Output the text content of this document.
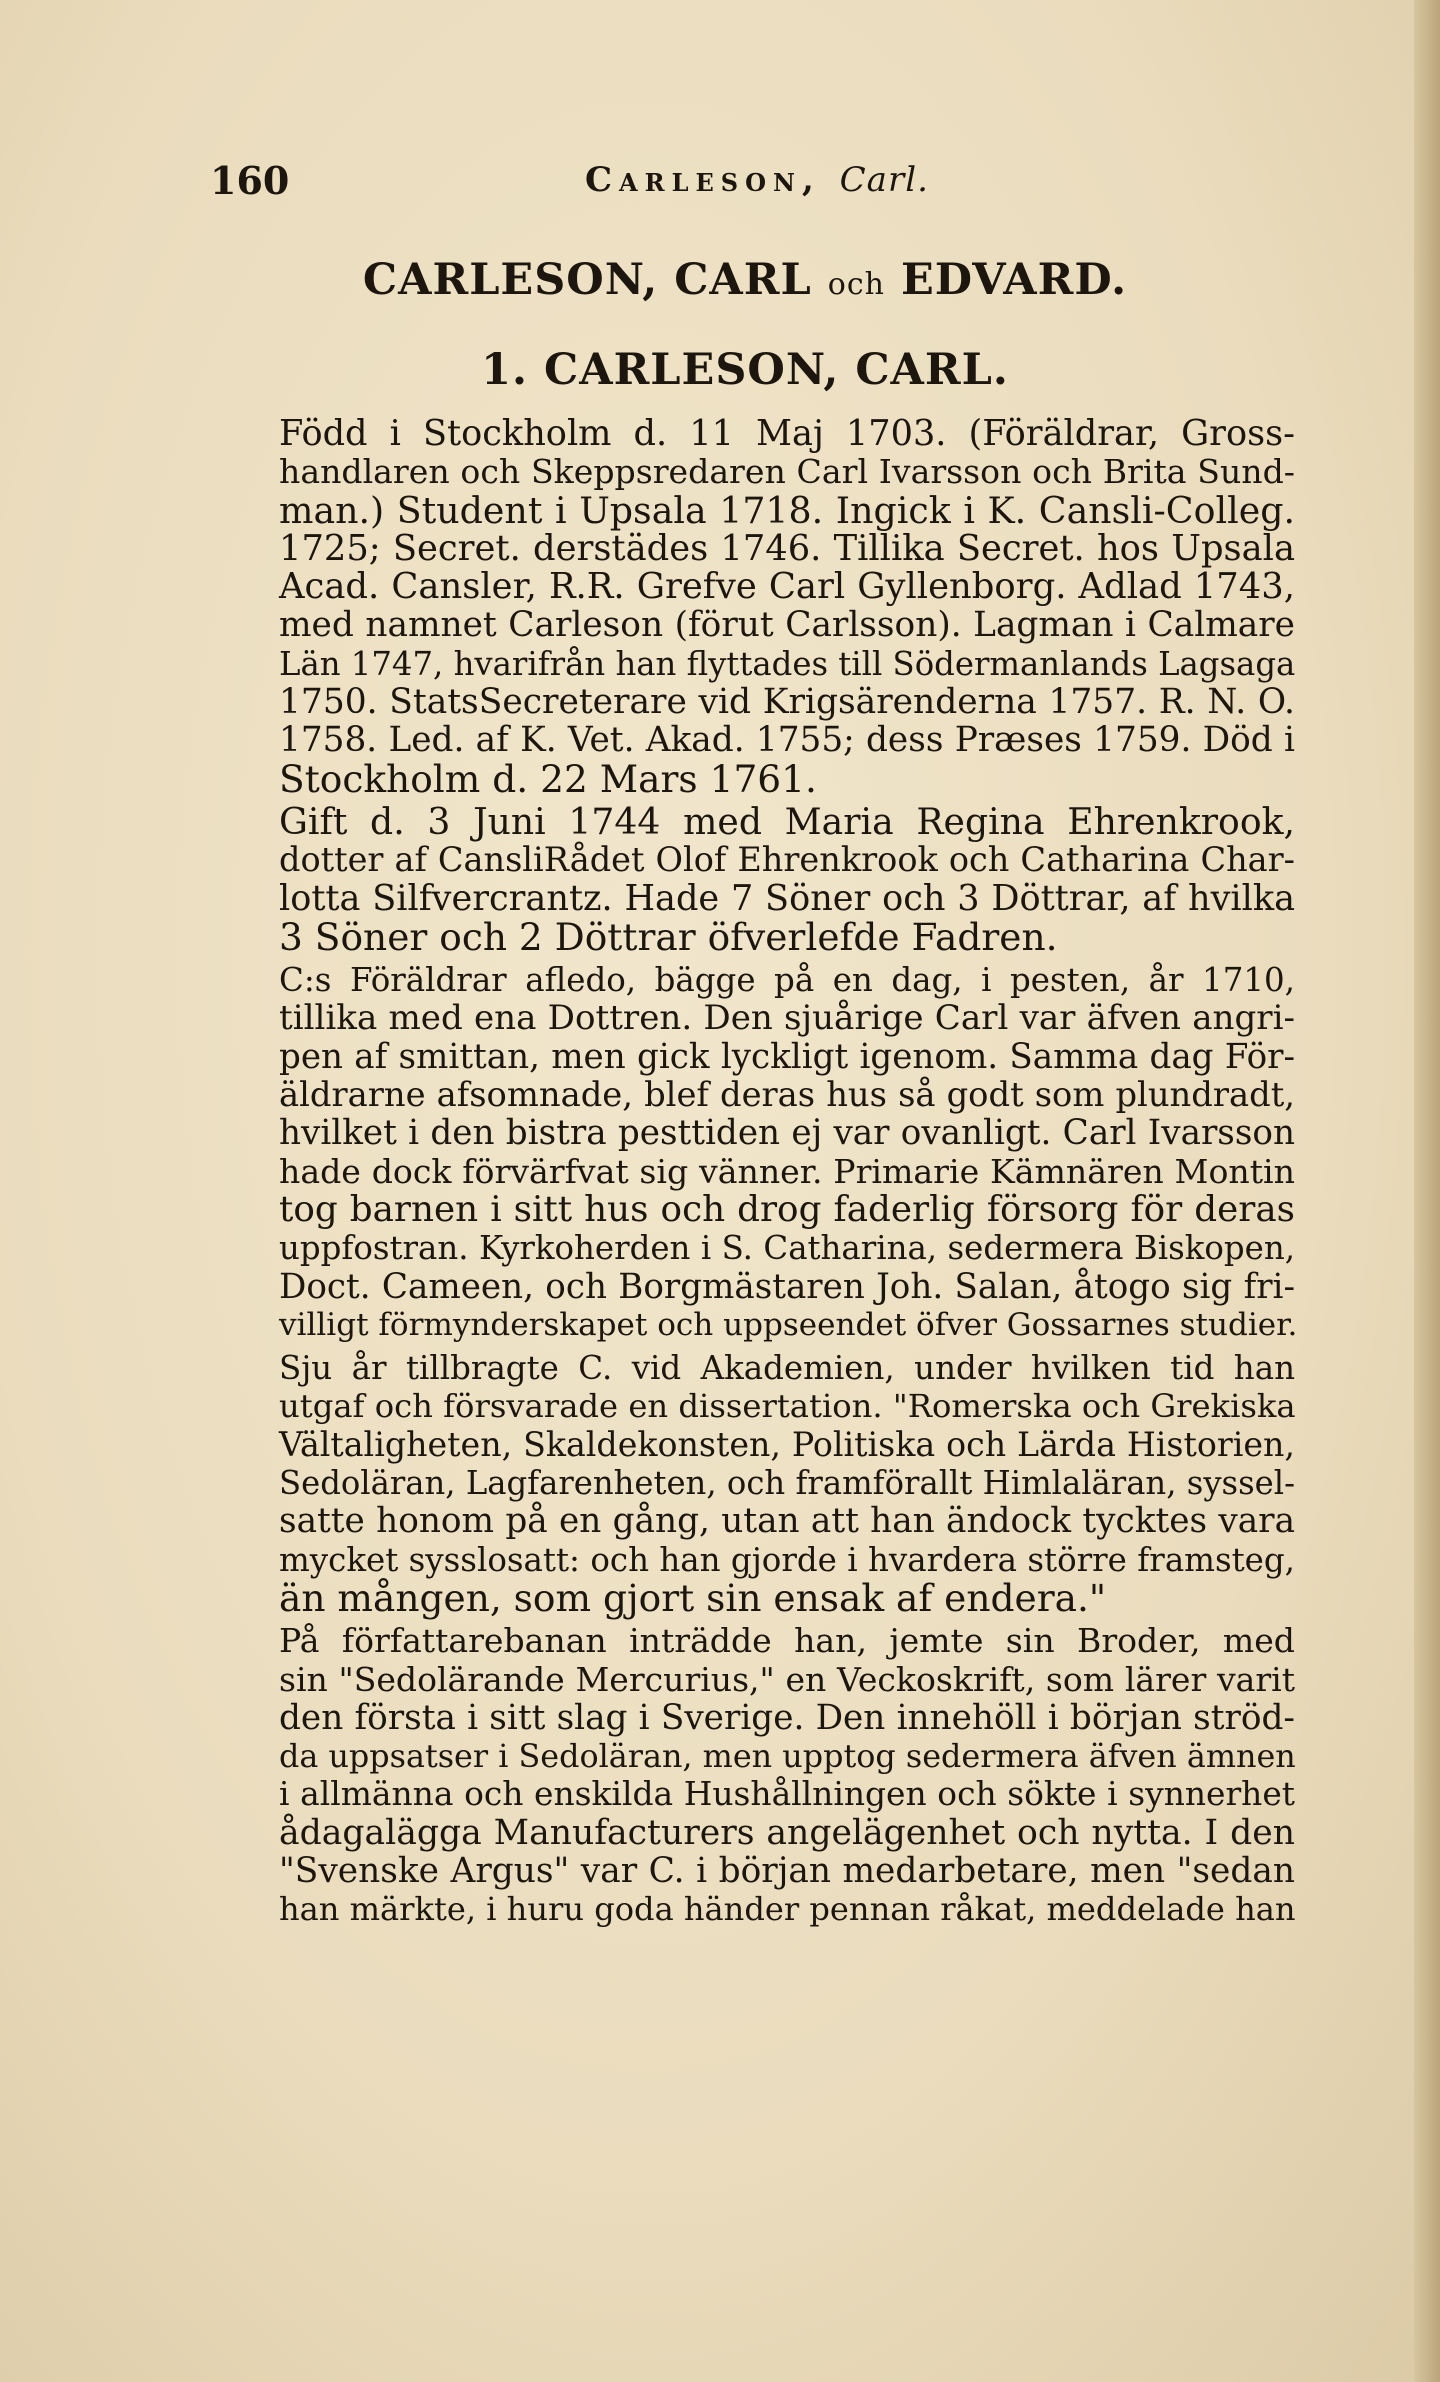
160	Carleson, Carl.
CARLESON, CARL och EDVARD.
1. CARLESON, CARL.

Född i Stockholm d. 11 Maj 1703. (Föräldrar, Gross-
handlaren och Skeppsredaren Carl Ivarsson och Brita Sund-
man.) Student i Upsala 1718. Ingick i K. Cansli-Colleg.
1725; Secret. derstädes 1746. Tillika Secret. hos Upsala
Acad. Cansler, R.R. Grefve Carl Gyllenborg. Adlad 1743,
med namnet Carleson (förut Carlsson). Lagman i Calmare
Län 1747, hvarifrån han flyttades till Södermanlands Lagsaga
1750. StatsSecreterare vid Krigsärenderna 1757. R. N. O.
1758. Led. af K. Vet. Akad. 1755; dess Præses 1759. Död i
Stockholm d. 22 Mars 1761.

Gift d. 3 Juni 1744 med Maria Regina Ehrenkrook,
dotter af CansliRådet Olof Ehrenkrook och Catharina Char-
lotta Silfvercrantz. Hade 7 Söner och 3 Döttrar, af hvilka
3 Söner och 2 Döttrar öfverlefde Fadren.

C:s Föräldrar afledo, bägge på en dag, i pesten, år 1710,
tillika med ena Dottren. Den sjuårige Carl var äfven angri-
pen af smittan, men gick lyckligt igenom. Samma dag För-
äldrarne afsomnade, blef deras hus så godt som plundradt,
hvilket i den bistra pesttiden ej var ovanligt. Carl Ivarsson
hade dock förvärfvat sig vänner. Primarie Kämnären Montin
tog barnen i sitt hus och drog faderlig försorg för deras
uppfostran. Kyrkoherden i S. Catharina, sedermera Biskopen,
Doct. Cameen, och Borgmästaren Joh. Salan, åtogo sig fri-
villigt förmynderskapet och uppseendet öfver Gossarnes studier.

Sju år tillbragte C. vid Akademien, under hvilken tid han
utgaf och försvarade en dissertation. "Romerska och Grekiska
Vältaligheten, Skaldekonsten, Politiska och Lärda Historien,
Sedoläran, Lagfarenheten, och framförallt Himlaläran, syssel-
satte honom på en gång, utan att han ändock tycktes vara
mycket sysslosatt: och han gjorde i hvardera större framsteg,
än mången, som gjort sin ensak af endera."

På författarebanan inträdde han, jemte sin Broder, med
sin "Sedolärande Mercurius," en Veckoskrift, som lärer varit
den första i sitt slag i Sverige. Den innehöll i början ströd-
da uppsatser i Sedoläran, men upptog sedermera äfven ämnen
i allmänna och enskilda Hushållningen och sökte i synnerhet
ådagalägga Manufacturers angelägenhet och nytta. I den
"Svenske Argus" var C. i början medarbetare, men "sedan
han märkte, i huru goda händer pennan råkat, meddelade han
